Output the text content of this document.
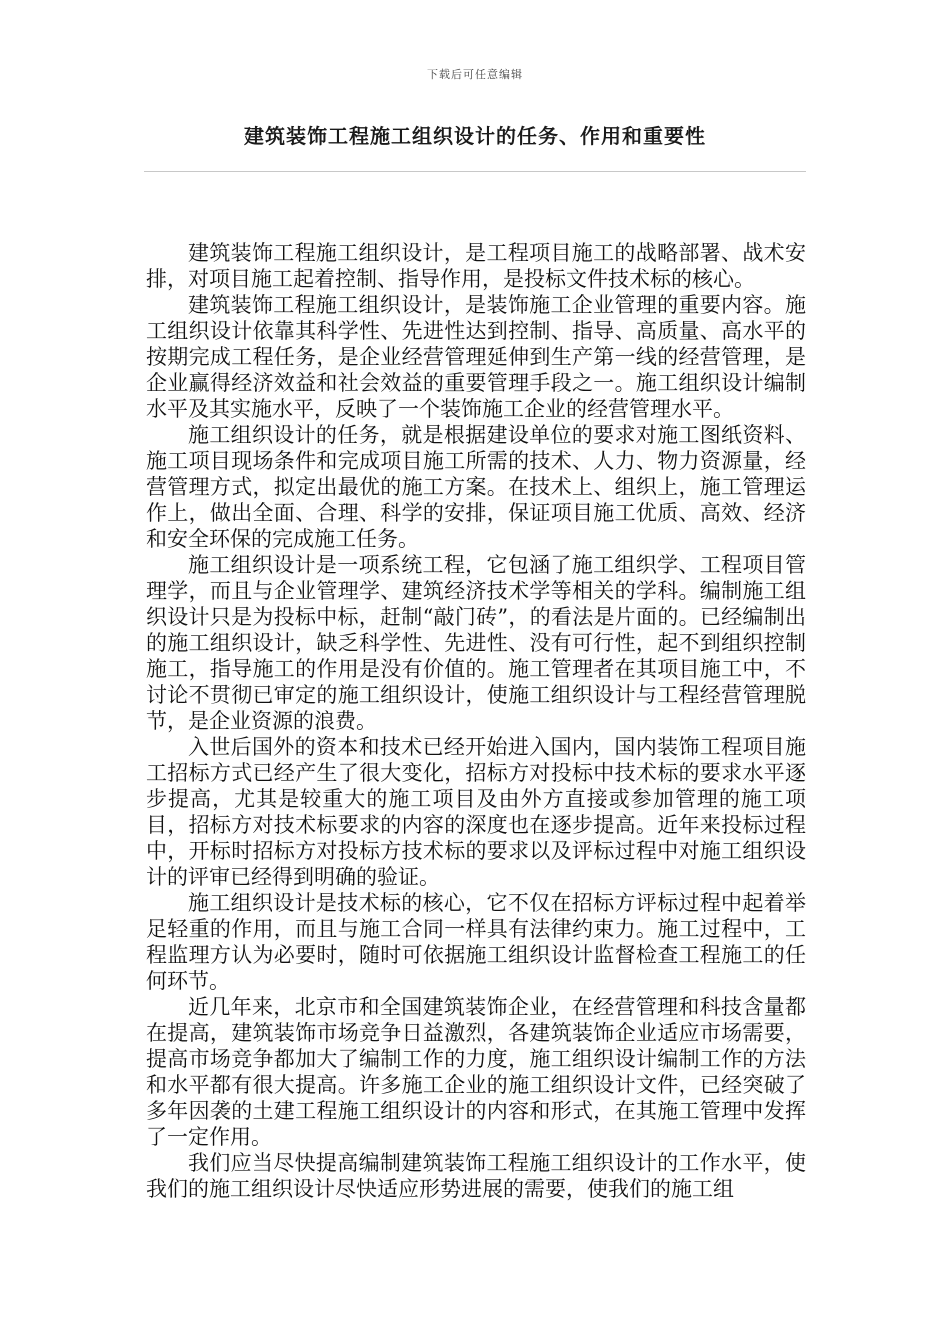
下载后可任意编辑
建筑装饰工程施工组织设计的任务、作用和重要性

建筑装饰工程施工组织设计，是工程项目施工的战略部署、战术安排，对项目施工起着控制、指导作用，是投标文件技术标的核心。

建筑装饰工程施工组织设计，是装饰施工企业管理的重要内容。施工组织设计依靠其科学性、先进性达到控制、指导、高质量、高水平的按期完成工程任务，是企业经营管理延伸到生产第一线的经营管理，是企业赢得经济效益和社会效益的重要管理手段之一。施工组织设计编制水平及其实施水平，反映了一个装饰施工企业的经营管理水平。

施工组织设计的任务，就是根据建设单位的要求对施工图纸资料、施工项目现场条件和完成项目施工所需的技术、人力、物力资源量，经营管理方式，拟定出最优的施工方案。在技术上、组织上，施工管理运作上，做出全面、合理、科学的安排，保证项目施工优质、高效、经济和安全环保的完成施工任务。

施工组织设计是一项系统工程，它包涵了施工组织学、工程项目管理学，而且与企业管理学、建筑经济技术学等相关的学科。编制施工组织设计只是为投标中标，赶制“敲门砖”，的看法是片面的。已经编制出的施工组织设计，缺乏科学性、先进性、没有可行性，起不到组织控制施工，指导施工的作用是没有价值的。施工管理者在其项目施工中，不讨论不贯彻已审定的施工组织设计，使施工组织设计与工程经营管理脱节，是企业资源的浪费。

入世后国外的资本和技术已经开始进入国内，国内装饰工程项目施工招标方式已经产生了很大变化，招标方对投标中技术标的要求水平逐步提高，尤其是较重大的施工项目及由外方直接或参加管理的施工项目，招标方对技术标要求的内容的深度也在逐步提高。近年来投标过程中，开标时招标方对投标方技术标的要求以及评标过程中对施工组织设计的评审已经得到明确的验证。

施工组织设计是技术标的核心，它不仅在招标方评标过程中起着举足轻重的作用，而且与施工合同一样具有法律约束力。施工过程中，工程监理方认为必要时，随时可依据施工组织设计监督检查工程施工的任何环节。

近几年来，北京市和全国建筑装饰企业，在经营管理和科技含量都在提高，建筑装饰市场竞争日益激烈，各建筑装饰企业适应市场需要，提高市场竞争都加大了编制工作的力度，施工组织设计编制工作的方法和水平都有很大提高。许多施工企业的施工组织设计文件，已经突破了多年因袭的土建工程施工组织设计的内容和形式，在其施工管理中发挥了一定作用。

我们应当尽快提高编制建筑装饰工程施工组织设计的工作水平，使我们的施工组织设计尽快适应形势进展的需要，使我们的施工组
